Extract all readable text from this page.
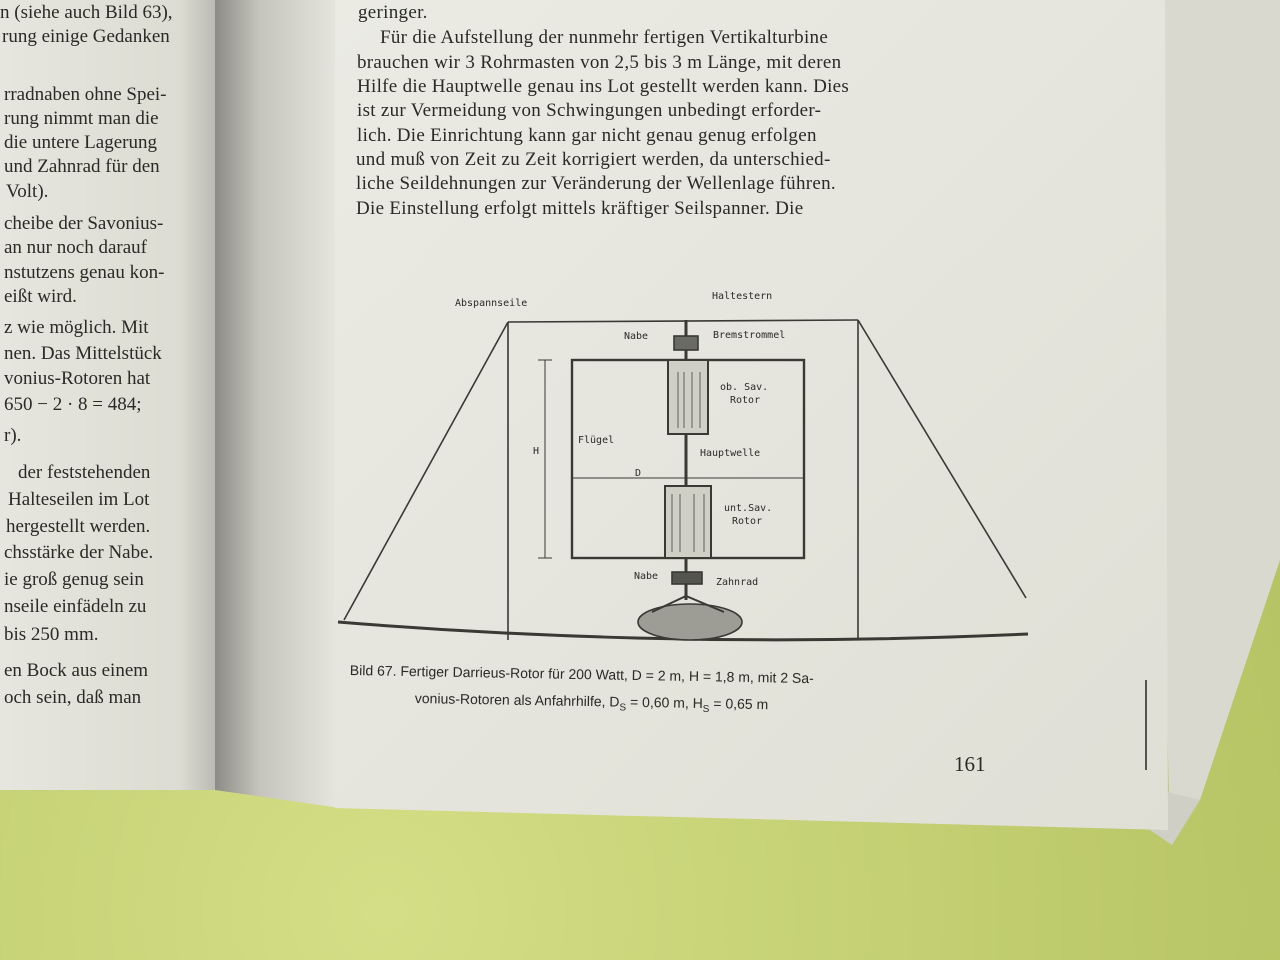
n (siehe auch Bild 63),
rung einige Gedanken
rradnaben ohne Spei-
rung nimmt man die
die untere Lagerung
und Zahnrad für den
Volt).
cheibe der Savonius-
an nur noch darauf
nstutzens genau kon-
eißt wird.
z wie möglich. Mit
nen. Das Mittelstück
vonius-Rotoren hat
650 − 2 · 8 = 484;
r).
der feststehenden
Halteseilen im Lot
hergestellt werden.
chsstärke der Nabe.
ie groß genug sein
nseile einfädeln zu
bis 250 mm.
en Bock aus einem
och sein, daß man
geringer.
Für die Aufstellung der nunmehr fertigen Vertikalturbine
brauchen wir 3 Rohrmasten von 2,5 bis 3 m Länge, mit deren
Hilfe die Hauptwelle genau ins Lot gestellt werden kann. Dies
ist zur Vermeidung von Schwingungen unbedingt erforder-
lich. Die Einrichtung kann gar nicht genau genug erfolgen
und muß von Zeit zu Zeit korrigiert werden, da unterschied-
liche Seildehnungen zur Veränderung der Wellenlage führen.
Die Einstellung erfolgt mittels kräftiger Seilspanner. Die
Abspannseile
Haltestern
Nabe	Bremstrommel
ob. Sav.
Rotor
Flügel
H
D
Hauptwelle
unt.Sav.
Rotor
Nabe
Zahnrad
Bild 67. Fertiger Darrieus-Rotor für 200 Watt, D = 2 m, H = 1,8 m, mit 2 Sa-
vonius-Rotoren als Anfahrhilfe, $D_S = 0,60$ m, $H_S = 0,65$ m
161
